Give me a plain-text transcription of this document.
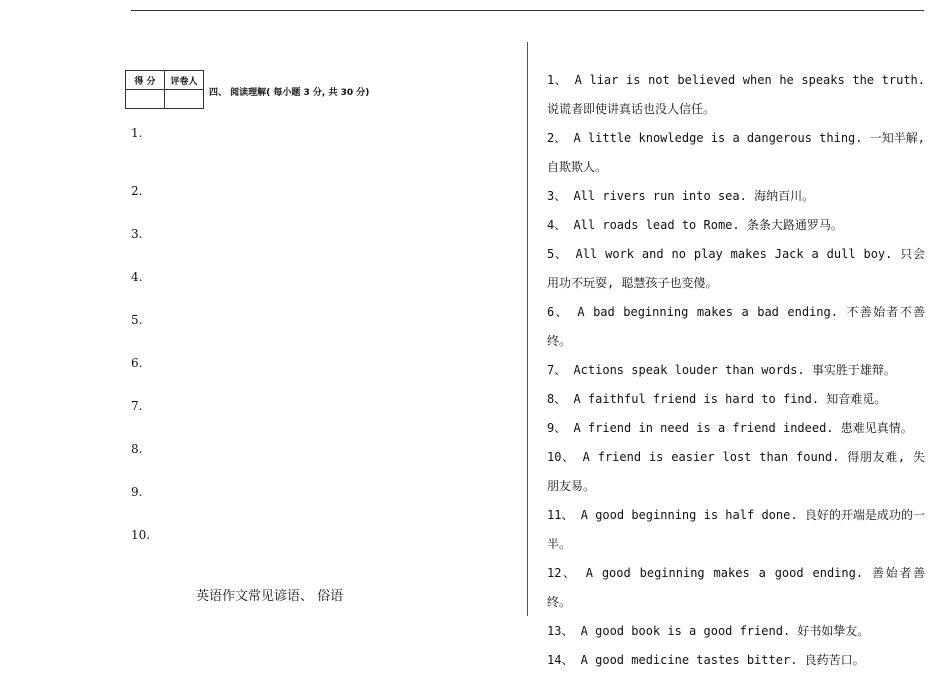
得 分	评卷人

四、 阅读理解( 每小题 3 分, 共 30 分)
1.
2.
3.
4.
5.
6.
7.
8.
9.
10.
英语作文常见谚语、 俗语
1、 A liar is not believed when he speaks the truth. 说谎者即使讲真话也没人信任。
2、 A little knowledge is a dangerous thing. 一知半解,自欺欺人。
3、 All rivers run into sea. 海纳百川。
4、 All roads lead to Rome. 条条大路通罗马。
5、 All work and no play makes Jack a dull boy. 只会用功不玩耍, 聪慧孩子也变傻。
6、 A bad beginning makes a bad ending. 不善始者不善终。
7、 Actions speak louder than words. 事实胜于雄辩。
8、 A faithful friend is hard to find. 知音难觅。
9、 A friend in need is a friend indeed. 患难见真情。
10、 A friend is easier lost than found. 得朋友难, 失朋友易。
11、 A good beginning is half done. 良好的开端是成功的一半。
12、 A good beginning makes a good ending. 善始者善终。
13、 A good book is a good friend. 好书如挚友。
14、 A good medicine tastes bitter. 良药苦口。
